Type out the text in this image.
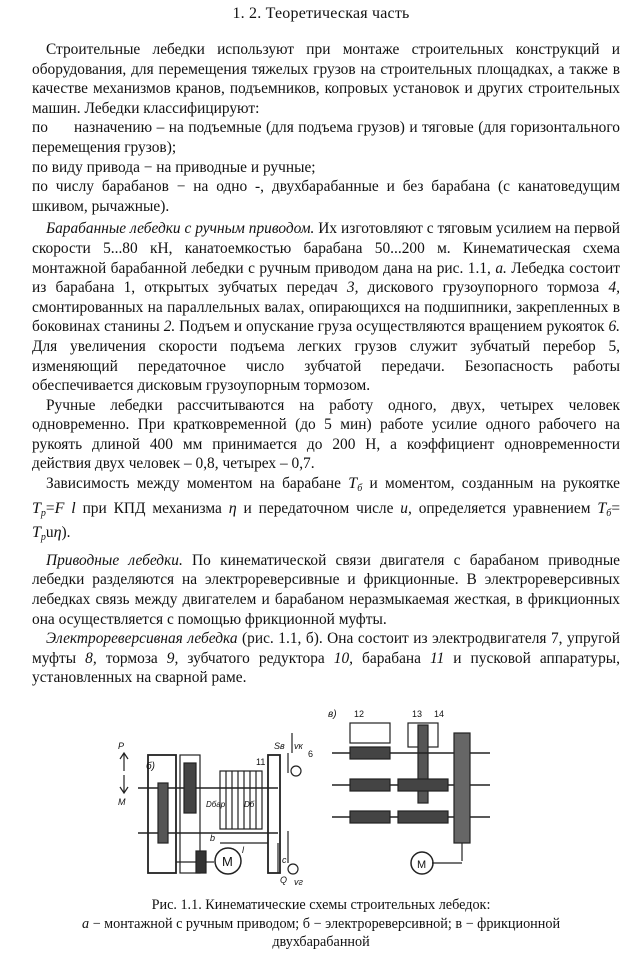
1. 2. Теоретическая часть

Строительные лебедки используют при монтаже строительных конструкций и оборудования, для перемещения тяжелых грузов на строительных площадках, а также в качестве механизмов кранов, подъемников, копровых установок и других строительных машин. Лебедки классифицируют:

по назначению – на подъемные (для подъема грузов) и тяговые (для горизонтального перемещения грузов);

по виду привода − на приводные и ручные;

по числу барабанов − на одно -, двухбарабанные и без барабана (с канатоведущим шкивом, рычажные).

Барабанные лебедки с ручным приводом. Их изготовляют с тяговым усилием на первой скорости 5...80 кН, канатоемкостью барабана 50...200 м. Кинематическая схема монтажной барабанной лебедки с ручным приводом дана на рис. 1.1, а. Лебедка состоит из барабана 1, открытых зубчатых передач 3, дискового грузоупорного тормоза 4, смонтированных на параллельных валах, опирающихся на подшипники, закрепленных в боковинах станины 2. Подъем и опускание груза осуществляются вращением рукояток 6. Для увеличения скорости подъема легких грузов служит зубчатый перебор 5, изменяющий передаточное число зубчатой передачи. Безопасность работы обеспечивается дисковым грузоупорным тормозом.

Ручные лебедки рассчитываются на работу одного, двух, четырех человек одновременно. При кратковременной (до 5 мин) работе усилие одного рабочего на рукоять длиной 400 мм принимается до 200 Н, а коэффициент одновременности действия двух человек – 0,8, четырех – 0,7.

Зависимость между моментом на барабане $T_б$ и моментом, созданным на рукоятке $T_р=F$ l при КПД механизма η и передаточном числе u, определяется уравнением $T_б= T_рu\eta$).

Приводные лебедки. По кинематической связи двигателя с барабаном приводные лебедки разделяются на электрореверсивные и фрикционные. В электрореверсивных лебедках связь между двигателем и барабаном неразмыкаемая жесткая, в фрикционных она осуществляется с помощью фрикционной муфты.

Электрореверсивная лебедка (рис. 1.1, б). Она состоит из электродвигателя 7, упругой муфты 8, тормоза 9, зубчатого редуктора 10, барабана 11 и пусковой аппаратуры, установленных на сварной раме.

P
M
б)
в)
Sв vк
Q vг
l
c
b
Dбар Dб
11
12	13 14
6
M	M

Рис. 1.1. Кинематические схемы строительных лебедок:

а − монтажной с ручным приводом; б − электрореверсивной; в − фрикционной

двухбарабанной
